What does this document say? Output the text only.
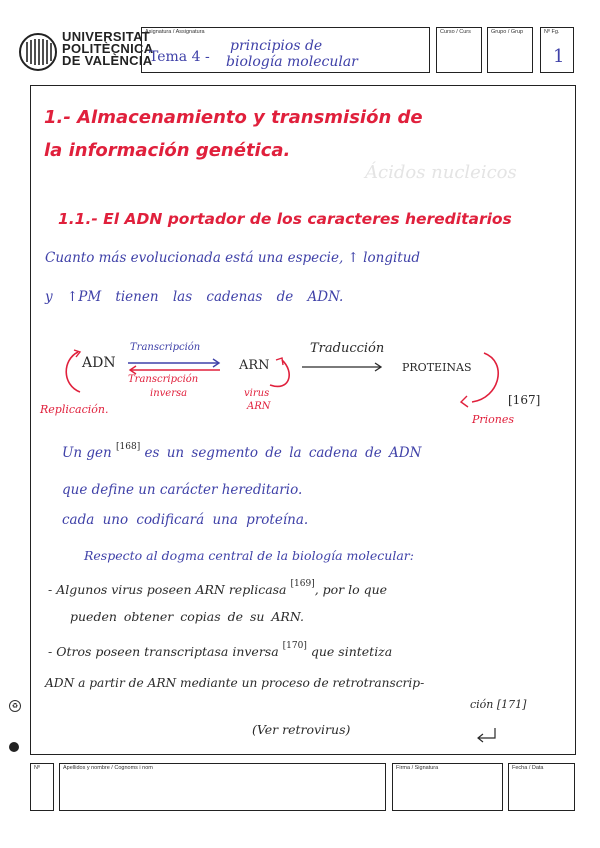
UNIVERSITAT
POLITÈCNICA
DE VALÈNCIA
Asignatura / Assignatura
Tema 4 -
principios de
biología molecular
Curso / Curs	Grupo / Grup	Nº Fg.
1
Ácidos nucleicos
1.- Almacenamiento y transmisión de
la información genética.
1.1.- El ADN portador de los caracteres hereditarios
Cuanto más evolucionada está una especie, ↑ longitud
y ↑PM tienen las cadenas de ADN.
ADN
Transcripción
Transcripción
inversa
ARN
Traducción
PROTEINAS
Replicación.
virus
ARN	[167]
Priones
Un gen [168] es un segmento de la cadena de ADN
que define un carácter hereditario.
cada uno codificará una proteína.
Respecto al dogma central de la biología molecular:
- Algunos virus poseen ARN replicasa [169], por lo que
pueden obtener copias de su ARN.
- Otros poseen transcriptasa inversa [170] que sintetiza
ADN a partir de ARN mediante un proceso de retrotranscrip-
ción [171]
(Ver retrovirus)
♻
Nº	Apellidos y nombre / Cognoms i nom	Firma / Signatura	Fecha / Data
